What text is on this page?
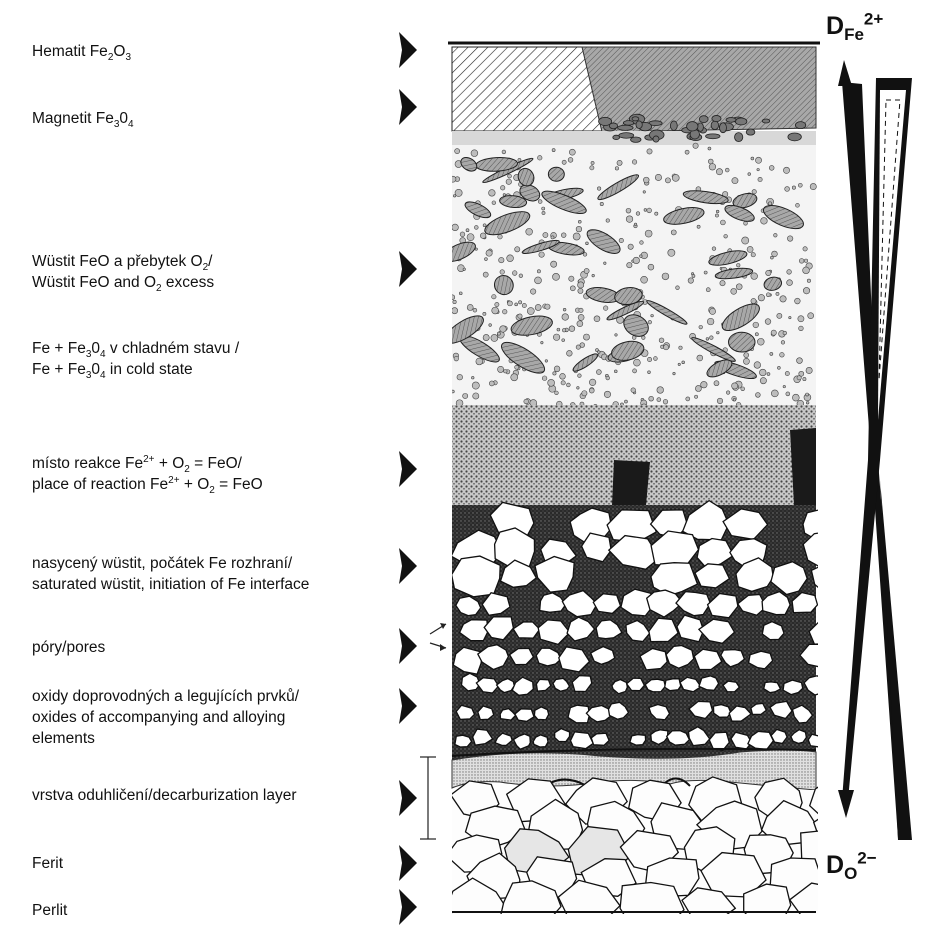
Hematit $Fe_2O_3$
Magnetit $Fe_30_4$
Wüstit FeO a přebytek $O_2/$
Wüstit FeO and $O_2$ excess
$Fe + Fe_30_4$ v chladném stavu /
$Fe + Fe_30_4$ in cold state
místo reakce $Fe^{2+} + O_2 = FeO/$
place of reaction $Fe^{2+} + O_2$ = FeO
nasycený wüstit, počátek Fe rozhraní/
saturated wüstit, initiation of Fe interface
póry/pores
oxidy doprovodných a legujících prvků/
oxides of accompanying and alloying
elements
vrstva oduhličení/decarburization layer
Ferit
Perlit
$D_{Fe}^{2+}$
$D_O^{2-}$
